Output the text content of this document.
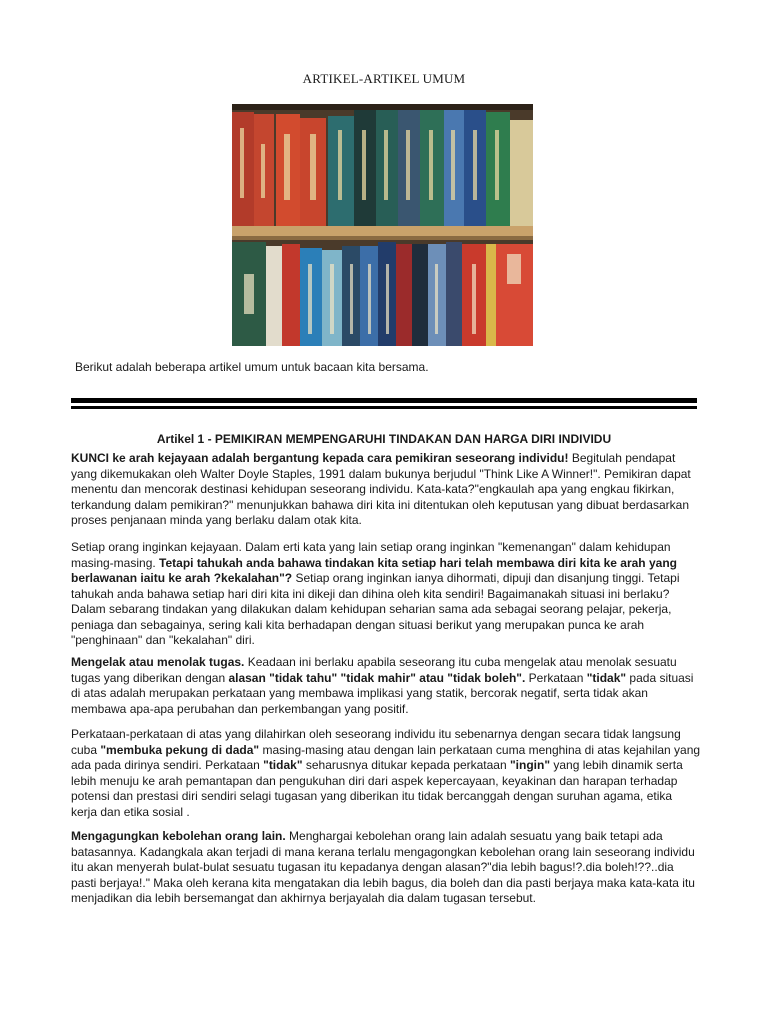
ARTIKEL-ARTIKEL UMUM
Berikut adalah beberapa artikel umum untuk bacaan kita bersama.
Artikel 1 - PEMIKIRAN MEMPENGARUHI TINDAKAN DAN HARGA DIRI INDIVIDU

KUNCI ke arah kejayaan adalah bergantung kepada cara pemikiran seseorang individu! Begitulah pendapat yang dikemukakan oleh Walter Doyle Staples, 1991 dalam bukunya berjudul "Think Like A Winner!". Pemikiran dapat menentu dan mencorak destinasi kehidupan seseorang individu. Kata-kata?"engkaulah apa yang engkau fikirkan, terkandung dalam pemikiran?" menunjukkan bahawa diri kita ini ditentukan oleh keputusan yang dibuat berdasarkan proses penjanaan minda yang berlaku dalam otak kita.

Setiap orang inginkan kejayaan. Dalam erti kata yang lain setiap orang inginkan "kemenangan" dalam kehidupan masing-masing. Tetapi tahukah anda bahawa tindakan kita setiap hari telah membawa diri kita ke arah yang berlawanan iaitu ke arah ?kekalahan"? Setiap orang inginkan ianya dihormati, dipuji dan disanjung tinggi. Tetapi tahukah anda bahawa setiap hari diri kita ini dikeji dan dihina oleh kita sendiri! Bagaimanakah situasi ini berlaku?Dalam sebarang tindakan yang dilakukan dalam kehidupan seharian sama ada sebagai seorang pelajar, pekerja, peniaga dan sebagainya, sering kali kita berhadapan dengan situasi berikut yang merupakan punca ke arah "penghinaan" dan "kekalahan" diri.

Mengelak atau menolak tugas. Keadaan ini berlaku apabila seseorang itu cuba mengelak atau menolak sesuatu tugas yang diberikan dengan alasan "tidak tahu" "tidak mahir" atau "tidak boleh". Perkataan "tidak" pada situasi di atas adalah merupakan perkataan yang membawa implikasi yang statik, bercorak negatif, serta tidak akan membawa apa-apa perubahan dan perkembangan yang positif.

Perkataan-perkataan di atas yang dilahirkan oleh seseorang individu itu sebenarnya dengan secara tidak langsung cuba "membuka pekung di dada" masing-masing atau dengan lain perkataan cuma menghina di atas kejahilan yang ada pada dirinya sendiri. Perkataan "tidak" seharusnya ditukar kepada perkataan "ingin" yang lebih dinamik serta lebih menuju ke arah pemantapan dan pengukuhan diri dari aspek kepercayaan, keyakinan dan harapan terhadap potensi dan prestasi diri sendiri selagi tugasan yang diberikan itu tidak bercanggah dengan suruhan agama, etika kerja dan etika sosial .

Mengagungkan kebolehan orang lain. Menghargai kebolehan orang lain adalah sesuatu yang baik tetapi ada batasannya. Kadangkala akan terjadi di mana kerana terlalu mengagongkan kebolehan orang lain seseorang individu itu akan menyerah bulat-bulat sesuatu tugasan itu kepadanya dengan alasan?"dia lebih bagus!?.dia boleh!??..dia pasti berjaya!." Maka oleh kerana kita mengatakan dia lebih bagus, dia boleh dan dia pasti berjaya maka kata-kata itu menjadikan dia lebih bersemangat dan akhirnya berjayalah dia dalam tugasan tersebut.
